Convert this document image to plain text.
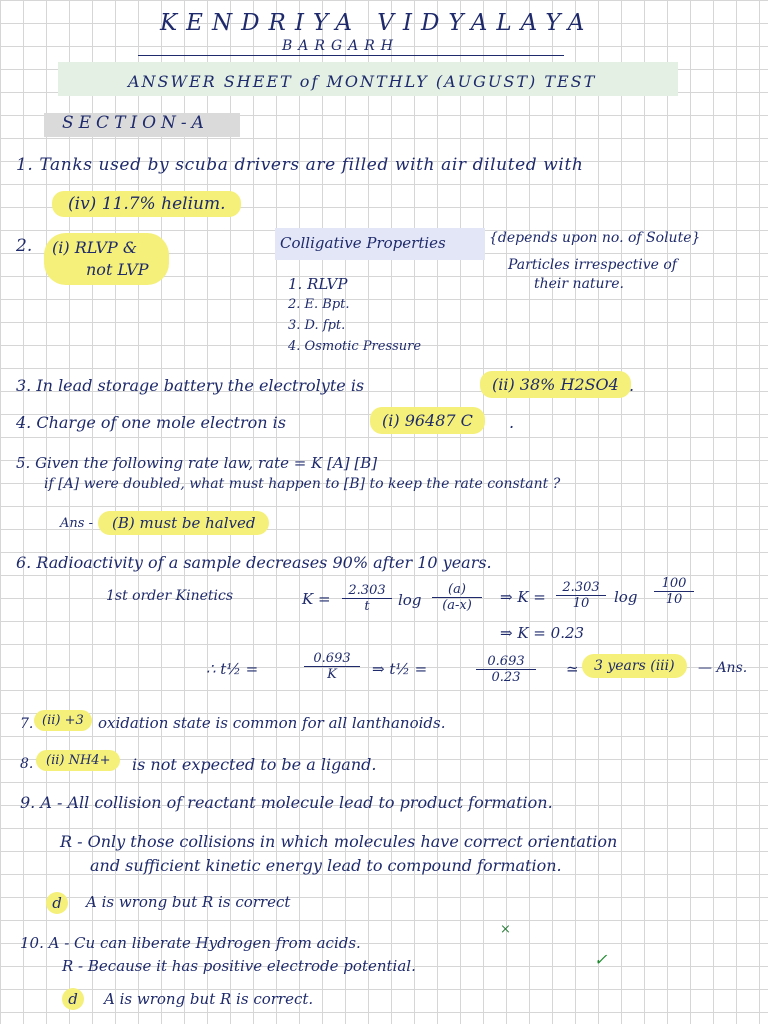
KENDRIYA VIDYALAYA
BARGARH
ANSWER SHEET of MONTHLY (AUGUST) TEST
SECTION-A
1. Tanks used by scuba drivers are filled with air diluted with
(iv) 11.7% helium.
2. (i) RLVP &
not LVP
Colligative Properties	{depends upon no. of Solute}
Particles irrespective of
their nature.
1. RLVP
2. E. Bpt.
3. D. fpt.
4. Osmotic Pressure
3. In lead storage battery the electrolyte is	(ii) 38% H2SO4 .
4. Charge of one mole electron is	(i) 96487 C	.
5. Given the following rate law, rate = K [A] [B]
if [A] were doubled, what must happen to [B] to keep the rate constant ?
Ans -	(B) must be halved
6. Radioactivity of a sample decreases 90% after 10 years.
1st order Kinetics	$K = \frac{2.303}{t}$ $\log \frac{(a)}{(a-x)}$ ⇒ $K = \frac{2.303}{10}$ $\log \frac{100}{10}$
⇒ K = 0.23
∴ t½ =	$\frac{0.693}{K}$ ⇒ t½ =	$\frac{0.693}{0.23}$ ≃	3 years (iii)	— Ans.
7. (ii) +3 oxidation state is common for all lanthanoids.
8. (ii) NH4+	is not expected to be a ligand.
9. A - All collision of reactant molecule lead to product formation.
R - Only those collisions in which molecules have correct orientation
and sufficient kinetic energy lead to compound formation.
d	A is wrong but R is correct
10. A - Cu can liberate Hydrogen from acids.
×
R - Because it has positive electrode potential.	✓
d	A is wrong but R is correct.
